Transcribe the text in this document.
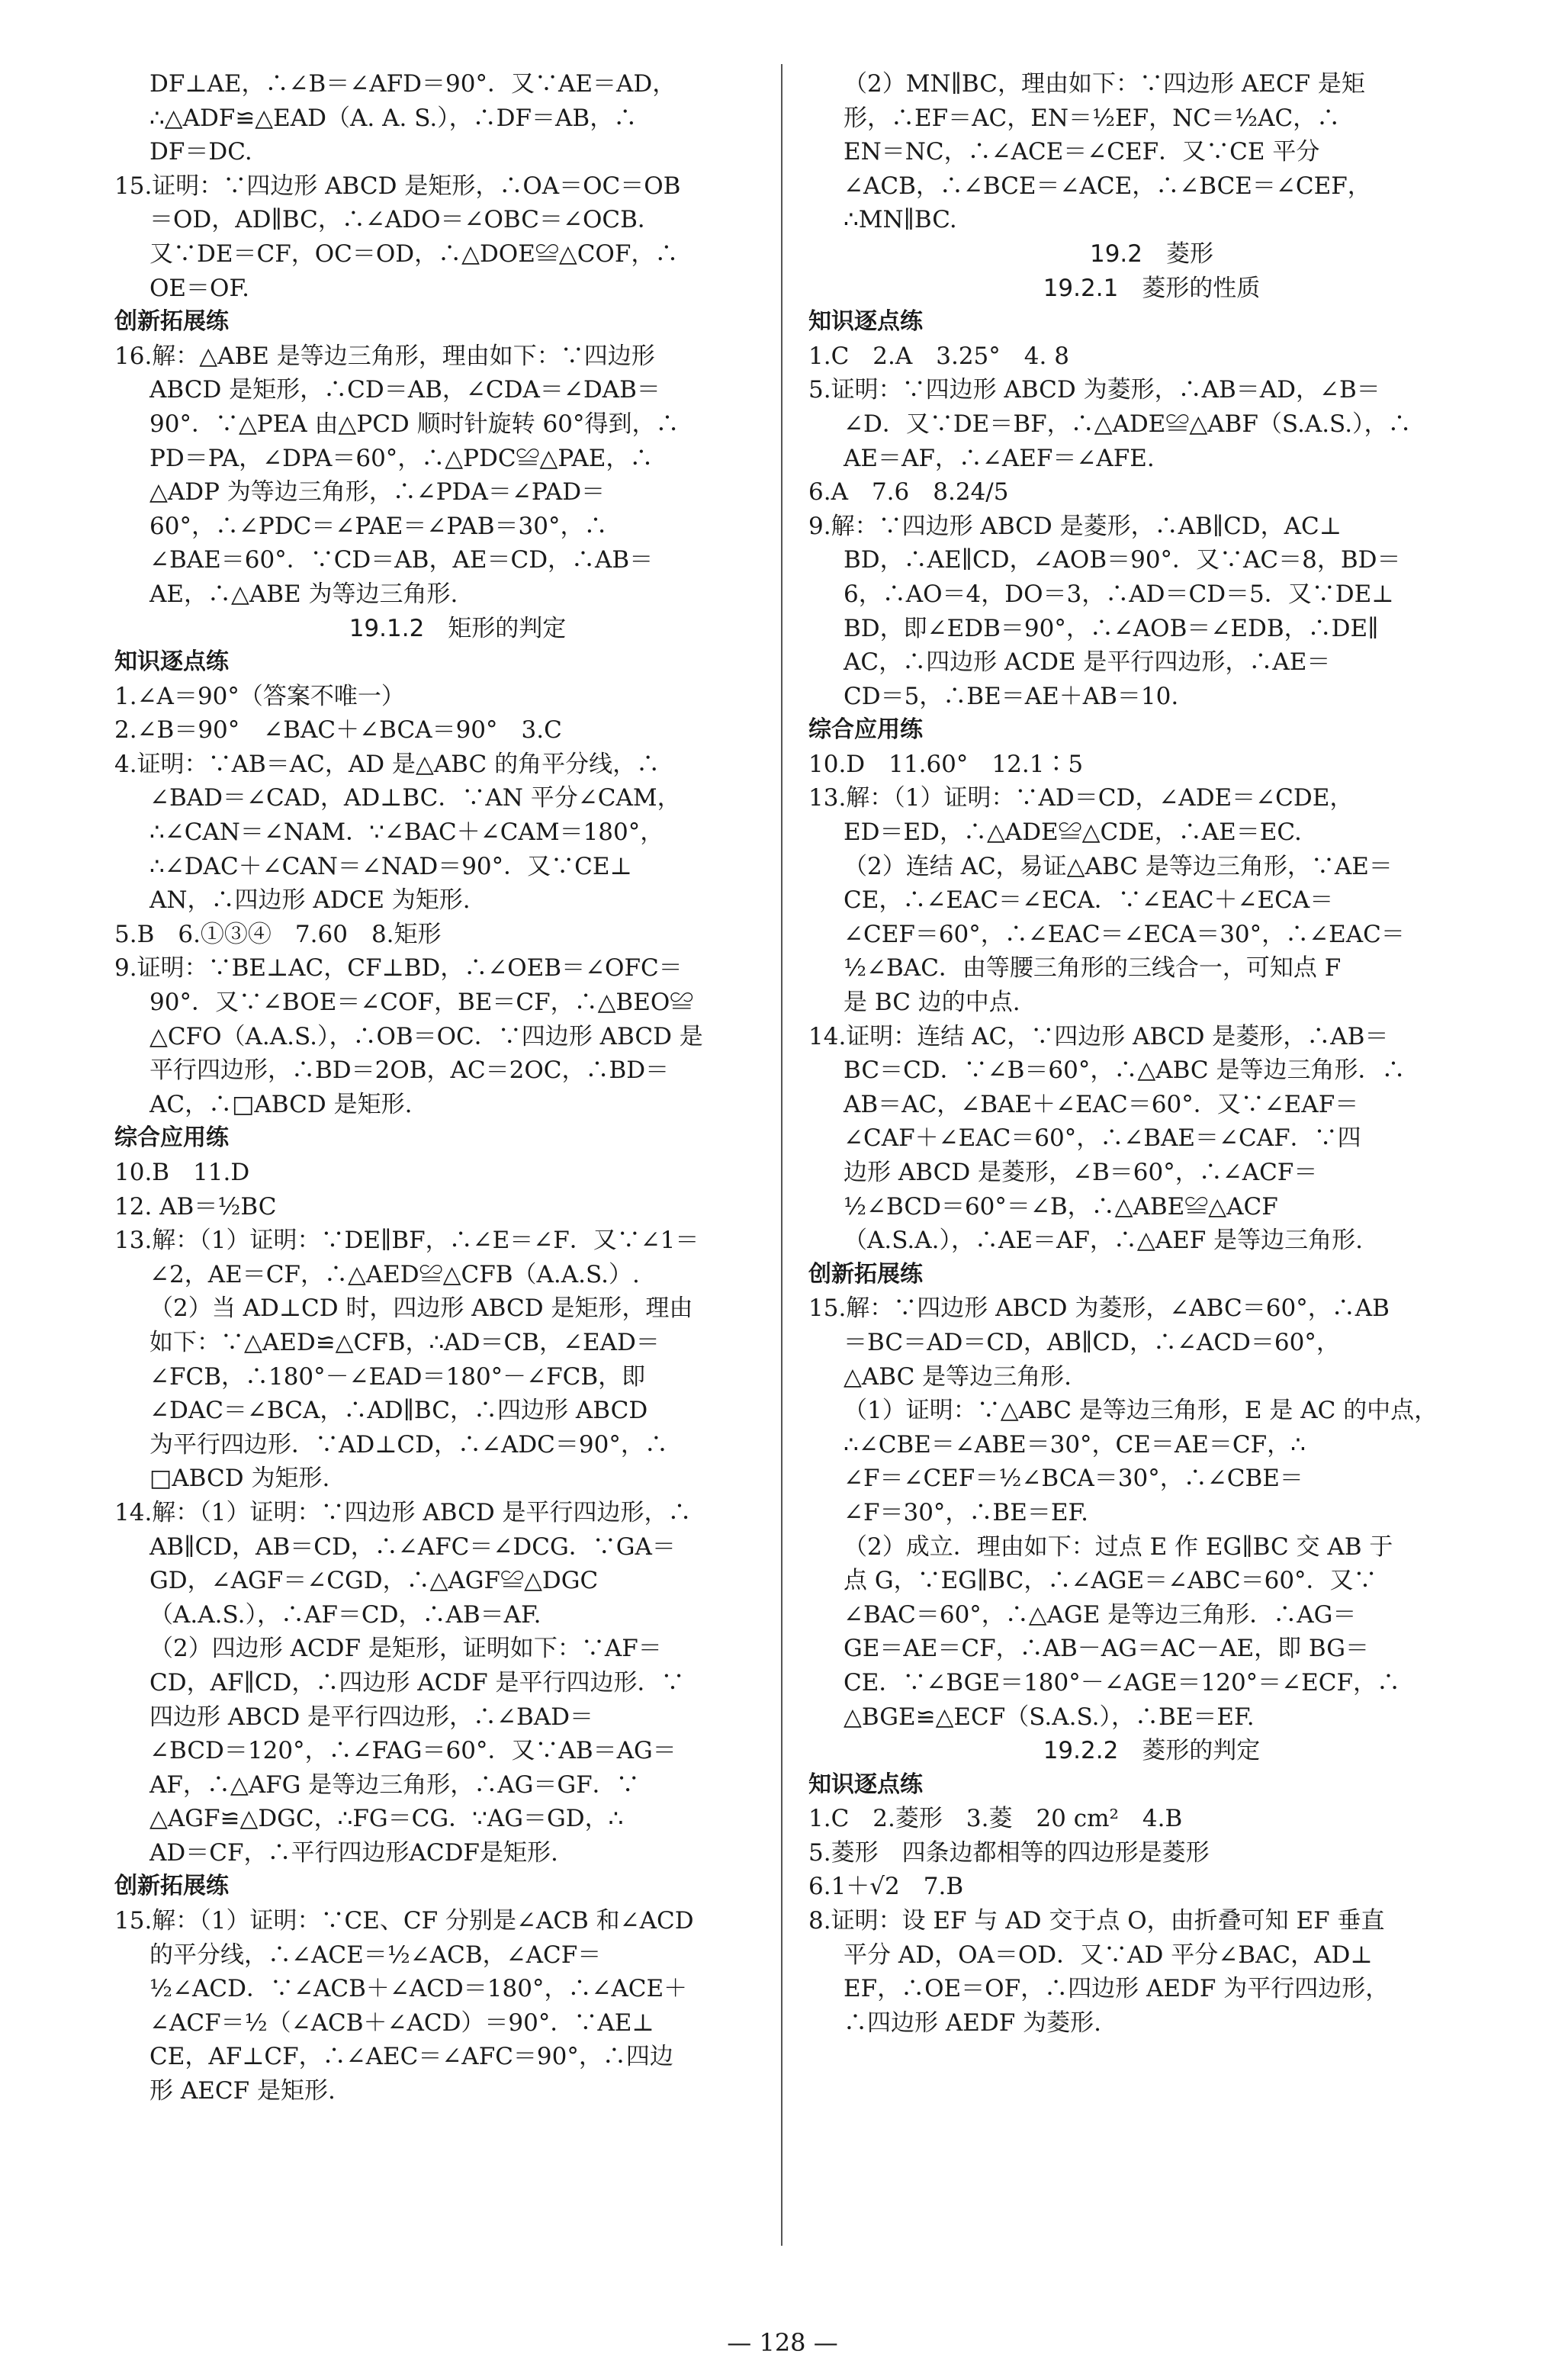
DF⊥AE，∴∠B＝∠AFD＝90°．又∵AE＝AD，
∴△ADF≌△EAD（A. A. S.），∴DF＝AB，∴
DF＝DC.
15.证明：∵四边形 ABCD 是矩形，∴OA＝OC＝OB
＝OD，AD∥BC，∴∠ADO＝∠OBC＝∠OCB．
又∵DE＝CF，OC＝OD，∴△DOE≌△COF，∴
OE＝OF.
创新拓展练
16.解：△ABE 是等边三角形，理由如下：∵四边形
ABCD 是矩形，∴CD＝AB，∠CDA＝∠DAB＝
90°．∵△PEA 由△PCD 顺时针旋转 60°得到，∴
PD＝PA，∠DPA＝60°，∴△PDC≌△PAE，∴
△ADP 为等边三角形，∴∠PDA＝∠PAD＝
60°，∴∠PDC＝∠PAE＝∠PAB＝30°，∴
∠BAE＝60°．∵CD＝AB，AE＝CD，∴AB＝
AE，∴△ABE 为等边三角形.
19.1.2　矩形的判定
知识逐点练
1.∠A＝90°（答案不唯一）
2.∠B＝90°　∠BAC＋∠BCA＝90°　3.C
4.证明：∵AB＝AC，AD 是△ABC 的角平分线，∴
∠BAD＝∠CAD，AD⊥BC．∵AN 平分∠CAM，
∴∠CAN＝∠NAM．∵∠BAC＋∠CAM＝180°，
∴∠DAC＋∠CAN＝∠NAD＝90°．又∵CE⊥
AN，∴四边形 ADCE 为矩形.
5.B　6.①③④　7.60　8.矩形
9.证明：∵BE⊥AC，CF⊥BD，∴∠OEB＝∠OFC＝
90°．又∵∠BOE＝∠COF，BE＝CF，∴△BEO≌
△CFO（A.A.S.），∴OB＝OC．∵四边形 ABCD 是
平行四边形，∴BD＝2OB，AC＝2OC，∴BD＝
AC，∴□ABCD 是矩形.
综合应用练
10.B　11.D
12. AB＝½BC
13.解：（1）证明：∵DE∥BF，∴∠E＝∠F．又∵∠1＝
∠2，AE＝CF，∴△AED≌△CFB（A.A.S.）.
（2）当 AD⊥CD 时，四边形 ABCD 是矩形，理由
如下：∵△AED≌△CFB，∴AD＝CB，∠EAD＝
∠FCB，∴180°－∠EAD＝180°－∠FCB，即
∠DAC＝∠BCA，∴AD∥BC，∴四边形 ABCD
为平行四边形．∵AD⊥CD，∴∠ADC＝90°，∴
□ABCD 为矩形.
14.解：（1）证明：∵四边形 ABCD 是平行四边形，∴
AB∥CD，AB＝CD，∴∠AFC＝∠DCG．∵GA＝
GD，∠AGF＝∠CGD，∴△AGF≌△DGC
（A.A.S.），∴AF＝CD，∴AB＝AF.
（2）四边形 ACDF 是矩形，证明如下：∵AF＝
CD，AF∥CD，∴四边形 ACDF 是平行四边形．∵
四边形 ABCD 是平行四边形，∴∠BAD＝
∠BCD＝120°，∴∠FAG＝60°．又∵AB＝AG＝
AF，∴△AFG 是等边三角形，∴AG＝GF．∵
△AGF≌△DGC，∴FG＝CG．∵AG＝GD，∴
AD＝CF，∴平行四边形ACDF是矩形.
创新拓展练
15.解：（1）证明：∵CE、CF 分别是∠ACB 和∠ACD
的平分线，∴∠ACE＝½∠ACB，∠ACF＝
½∠ACD．∵∠ACB＋∠ACD＝180°，∴∠ACE＋
∠ACF＝½（∠ACB＋∠ACD）＝90°．∵AE⊥
CE，AF⊥CF，∴∠AEC＝∠AFC＝90°，∴四边
形 AECF 是矩形.
（2）MN∥BC，理由如下：∵四边形 AECF 是矩
形，∴EF＝AC，EN＝½EF，NC＝½AC，∴
EN＝NC，∴∠ACE＝∠CEF．又∵CE 平分
∠ACB，∴∠BCE＝∠ACE，∴∠BCE＝∠CEF，
∴MN∥BC.
19.2　菱形
19.2.1　菱形的性质
知识逐点练
1.C　2.A　3.25°　4. 8
5.证明：∵四边形 ABCD 为菱形，∴AB＝AD，∠B＝
∠D．又∵DE＝BF，∴△ADE≌△ABF（S.A.S.），∴
AE＝AF，∴∠AEF＝∠AFE.
6.A　7.6　8.24/5
9.解：∵四边形 ABCD 是菱形，∴AB∥CD，AC⊥
BD，∴AE∥CD，∠AOB＝90°．又∵AC＝8，BD＝
6，∴AO＝4，DO＝3，∴AD＝CD＝5．又∵DE⊥
BD，即∠EDB＝90°，∴∠AOB＝∠EDB，∴DE∥
AC，∴四边形 ACDE 是平行四边形，∴AE＝
CD＝5，∴BE＝AE＋AB＝10.
综合应用练
10.D　11.60°　12.1∶5
13.解：（1）证明：∵AD＝CD，∠ADE＝∠CDE，
ED＝ED，∴△ADE≌△CDE，∴AE＝EC.
（2）连结 AC，易证△ABC 是等边三角形，∵AE＝
CE，∴∠EAC＝∠ECA．∵∠EAC＋∠ECA＝
∠CEF＝60°，∴∠EAC＝∠ECA＝30°，∴∠EAC＝
½∠BAC．由等腰三角形的三线合一，可知点 F
是 BC 边的中点.
14.证明：连结 AC，∵四边形 ABCD 是菱形，∴AB＝
BC＝CD．∵∠B＝60°，∴△ABC 是等边三角形．∴
AB＝AC，∠BAE＋∠EAC＝60°．又∵∠EAF＝
∠CAF＋∠EAC＝60°，∴∠BAE＝∠CAF．∵四
边形 ABCD 是菱形，∠B＝60°，∴∠ACF＝
½∠BCD＝60°＝∠B，∴△ABE≌△ACF
（A.S.A.），∴AE＝AF，∴△AEF 是等边三角形.
创新拓展练
15.解：∵四边形 ABCD 为菱形，∠ABC＝60°，∴AB
＝BC＝AD＝CD，AB∥CD，∴∠ACD＝60°，
△ABC 是等边三角形.
（1）证明：∵△ABC 是等边三角形，E 是 AC 的中点，
∴∠CBE＝∠ABE＝30°，CE＝AE＝CF，∴
∠F＝∠CEF＝½∠BCA＝30°，∴∠CBE＝
∠F＝30°，∴BE＝EF.
（2）成立．理由如下：过点 E 作 EG∥BC 交 AB 于
点 G，∵EG∥BC，∴∠AGE＝∠ABC＝60°．又∵
∠BAC＝60°，∴△AGE 是等边三角形．∴AG＝
GE＝AE＝CF，∴AB－AG＝AC－AE，即 BG＝
CE．∵∠BGE＝180°－∠AGE＝120°＝∠ECF，∴
△BGE≌△ECF（S.A.S.），∴BE＝EF.
19.2.2　菱形的判定
知识逐点练
1.C　2.菱形　3.菱　20 cm²　4.B
5.菱形　四条边都相等的四边形是菱形
6.1＋√2　7.B
8.证明：设 EF 与 AD 交于点 O，由折叠可知 EF 垂直
平分 AD，OA＝OD．又∵AD 平分∠BAC，AD⊥
EF，∴OE＝OF，∴四边形 AEDF 为平行四边形，
∴四边形 AEDF 为菱形.
— 128 —
